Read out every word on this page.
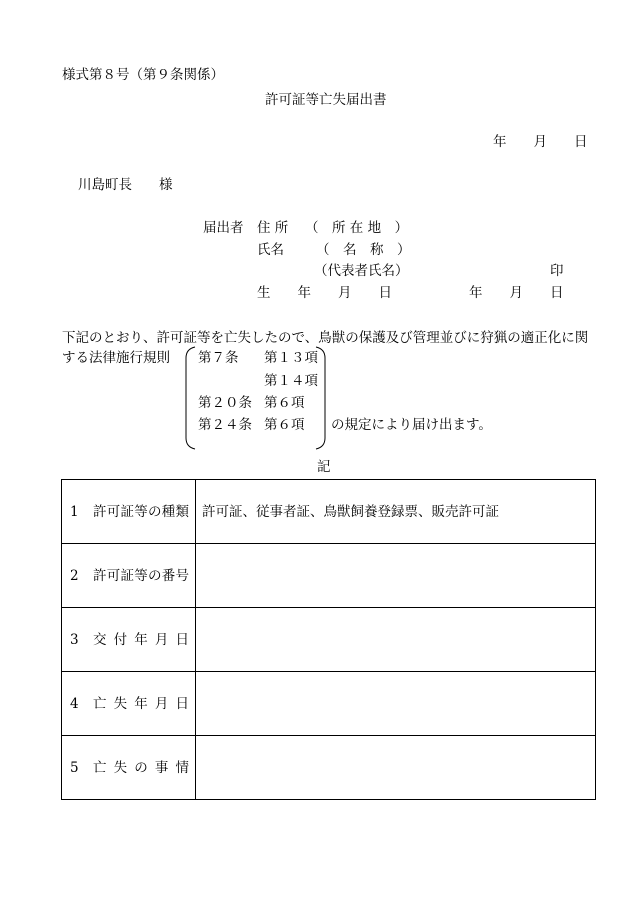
様式第８号（第９条関係）
許可証等亡失届出書
年　　月　　日
川島町長　　様
届出者 住 所 （　所 在 地　）
氏名 （　名　称　）
（代表者氏名）	印
生　　年　　月　　日	年　　月　　日
下記のとおり、許可証等を亡失したので、鳥獣の保護及び管理並びに狩猟の適正化に関
する法律施行規則 第７条 第１３項
第１４項
第２０条 第６項
第２４条 第６項 の規定により届け出ます。
記
1 許可証等の種類	許可証、従事者証、鳥獣飼養登録票、販売許可証
2 許可証等の番号	
3 交 付 年 月 日	
4 亡 失 年 月 日	
5 亡 失 の 事 情	
